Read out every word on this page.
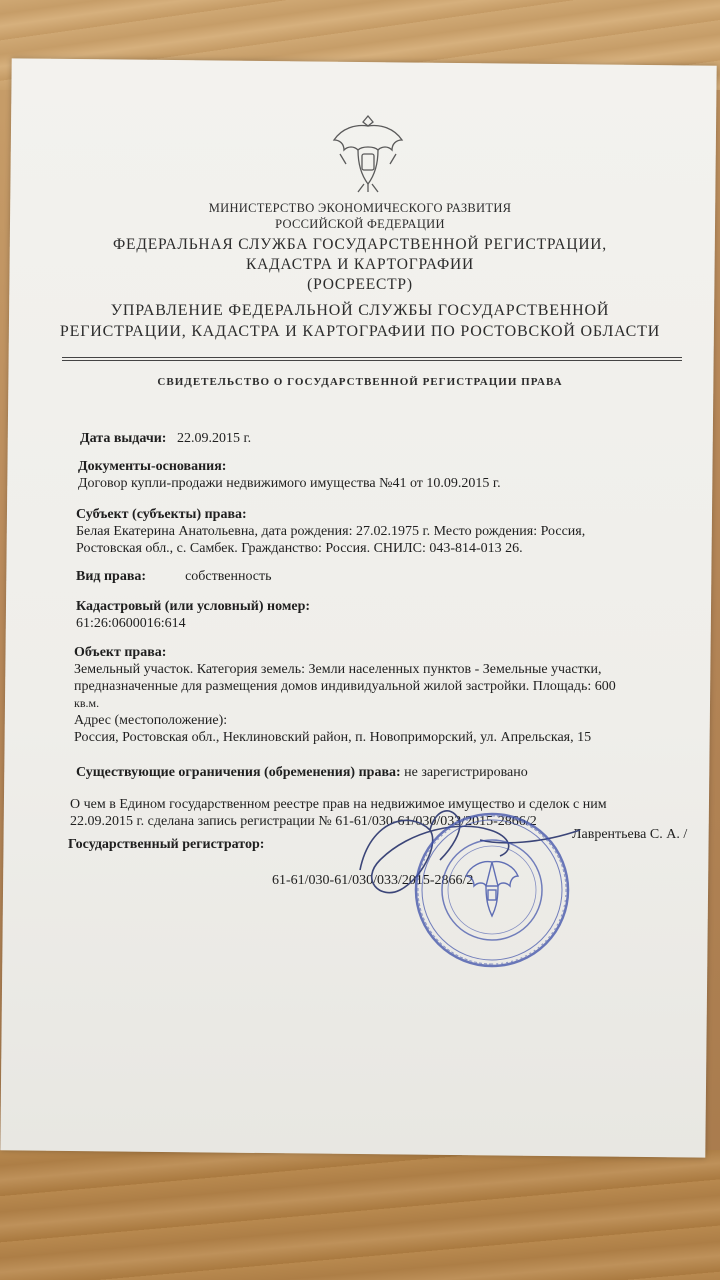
МИНИСТЕРСТВО ЭКОНОМИЧЕСКОГО РАЗВИТИЯ
РОССИЙСКОЙ ФЕДЕРАЦИИ
ФЕДЕРАЛЬНАЯ СЛУЖБА ГОСУДАРСТВЕННОЙ РЕГИСТРАЦИИ,
КАДАСТРА И КАРТОГРАФИИ
(РОСРЕЕСТР)
УПРАВЛЕНИЕ ФЕДЕРАЛЬНОЙ СЛУЖБЫ ГОСУДАРСТВЕННОЙ
РЕГИСТРАЦИИ, КАДАСТРА И КАРТОГРАФИИ ПО РОСТОВСКОЙ ОБЛАСТИ
СВИДЕТЕЛЬСТВО О ГОСУДАРСТВЕННОЙ РЕГИСТРАЦИИ ПРАВА
Дата выдачи: 22.09.2015 г.
Документы-основания:
Договор купли-продажи недвижимого имущества №41 от 10.09.2015 г.
Субъект (субъекты) права:
Белая Екатерина Анатольевна, дата рождения: 27.02.1975 г. Место рождения: Россия,
Ростовская обл., с. Самбек. Гражданство: Россия. СНИЛС: 043-814-013 26.
Вид права:	собственность
Кадастровый (или условный) номер:
61:26:0600016:614
Объект права:
Земельный участок. Категория земель: Земли населенных пунктов - Земельные участки,
предназначенные для размещения домов индивидуальной жилой застройки. Площадь: 600
кв.м.
Адрес (местоположение):
Россия, Ростовская обл., Неклиновский район, п. Новоприморский, ул. Апрельская, 15
Существующие ограничения (обременения) права: не зарегистрировано
О чем в Едином государственном реестре прав на недвижимое имущество и сделок с ним
22.09.2015 г. сделана запись регистрации № 61-61/030-61/030/033/2015-2866/2
Государственный регистратор:
Лаврентьева С. А. /
61-61/030-61/030/033/2015-2866/2
